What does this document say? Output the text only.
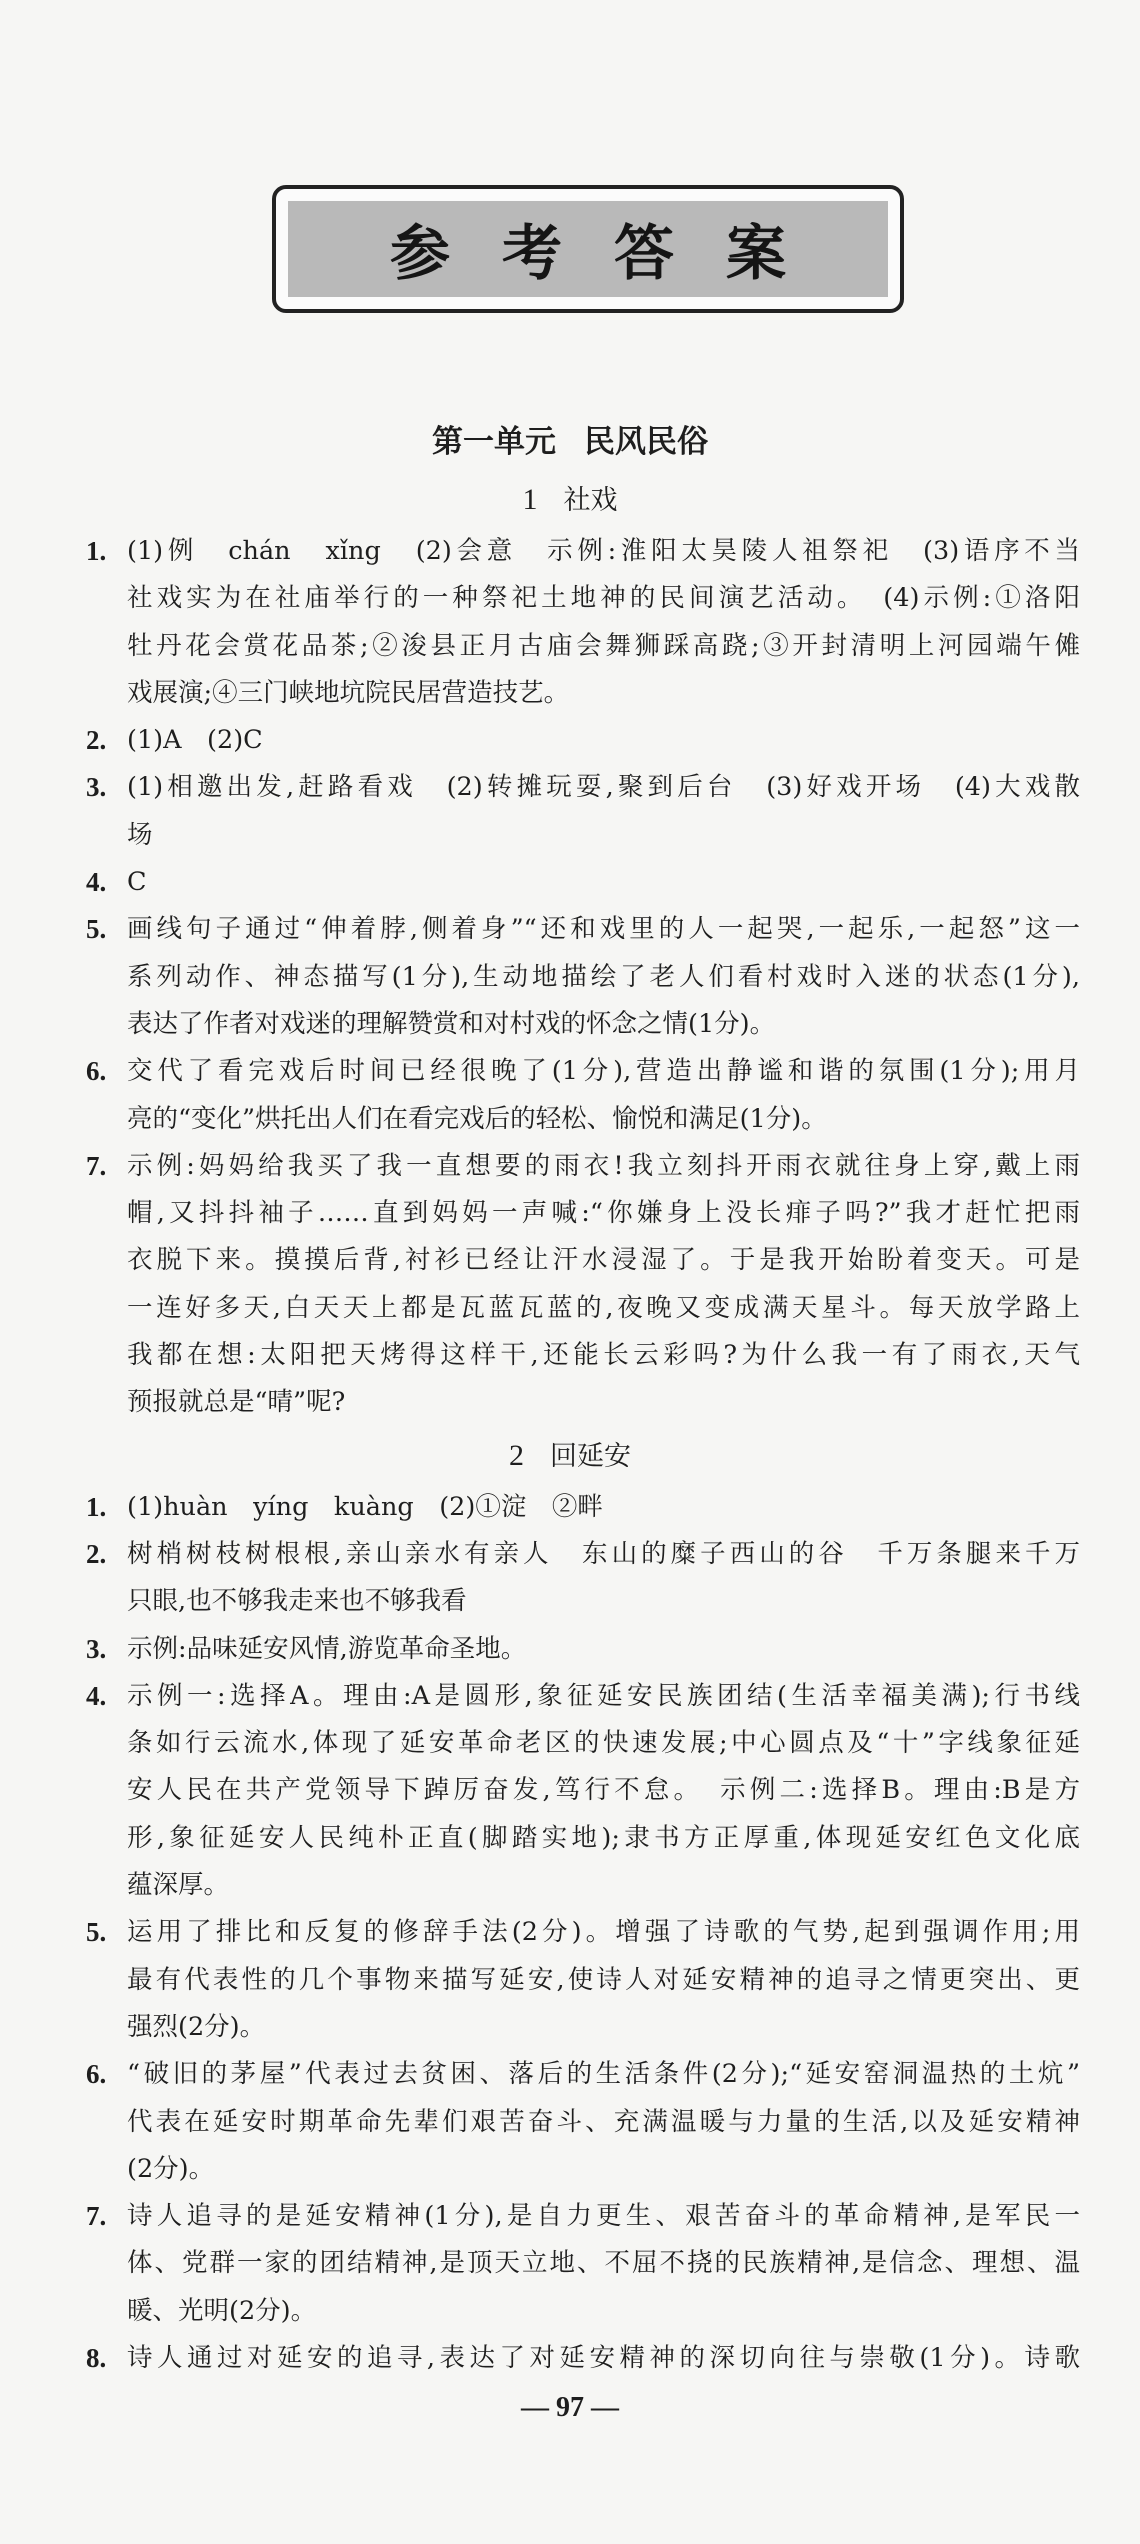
参考答案
第一单元 民风民俗
1 社戏
1. (1)例　chán　xǐng　(2)会意　示例:淮阳太昊陵人祖祭祀　(3)语序不当
社戏实为在社庙举行的一种祭祀土地神的民间演艺活动。　(4)示例:①洛阳
牡丹花会赏花品茶;②浚县正月古庙会舞狮踩高跷;③开封清明上河园端午傩
戏展演;④三门峡地坑院民居营造技艺。
2. (1)A　(2)C
3. (1)相邀出发,赶路看戏　(2)转摊玩耍,聚到后台　(3)好戏开场　(4)大戏散
场
4. C
5. 画线句子通过“伸着脖,侧着身”“还和戏里的人一起哭,一起乐,一起怒”这一
系列动作、神态描写(1分),生动地描绘了老人们看村戏时入迷的状态(1分),
表达了作者对戏迷的理解赞赏和对村戏的怀念之情(1分)。
6. 交代了看完戏后时间已经很晚了(1分),营造出静谧和谐的氛围(1分);用月
亮的“变化”烘托出人们在看完戏后的轻松、愉悦和满足(1分)。
7. 示例:妈妈给我买了我一直想要的雨衣!我立刻抖开雨衣就往身上穿,戴上雨
帽,又抖抖袖子……直到妈妈一声喊:“你嫌身上没长痱子吗?”我才赶忙把雨
衣脱下来。摸摸后背,衬衫已经让汗水浸湿了。于是我开始盼着变天。可是
一连好多天,白天天上都是瓦蓝瓦蓝的,夜晚又变成满天星斗。每天放学路上
我都在想:太阳把天烤得这样干,还能长云彩吗?为什么我一有了雨衣,天气
预报就总是“晴”呢?
2 回延安
1. (1)huàn　yíng　kuàng　(2)①淀　②畔
2. 树梢树枝树根根,亲山亲水有亲人　东山的糜子西山的谷　千万条腿来千万
只眼,也不够我走来也不够我看
3. 示例:品味延安风情,游览革命圣地。
4. 示例一:选择A。理由:A是圆形,象征延安民族团结(生活幸福美满);行书线
条如行云流水,体现了延安革命老区的快速发展;中心圆点及“十”字线象征延
安人民在共产党领导下踔厉奋发,笃行不怠。　示例二:选择B。理由:B是方
形,象征延安人民纯朴正直(脚踏实地);隶书方正厚重,体现延安红色文化底
蕴深厚。
5. 运用了排比和反复的修辞手法(2分)。增强了诗歌的气势,起到强调作用;用
最有代表性的几个事物来描写延安,使诗人对延安精神的追寻之情更突出、更
强烈(2分)。
6. “破旧的茅屋”代表过去贫困、落后的生活条件(2分);“延安窑洞温热的土炕”
代表在延安时期革命先辈们艰苦奋斗、充满温暖与力量的生活,以及延安精神
(2分)。
7. 诗人追寻的是延安精神(1分),是自力更生、艰苦奋斗的革命精神,是军民一
体、党群一家的团结精神,是顶天立地、不屈不挠的民族精神,是信念、理想、温
暖、光明(2分)。
8. 诗人通过对延安的追寻,表达了对延安精神的深切向往与崇敬(1分)。诗歌
— 97 —
